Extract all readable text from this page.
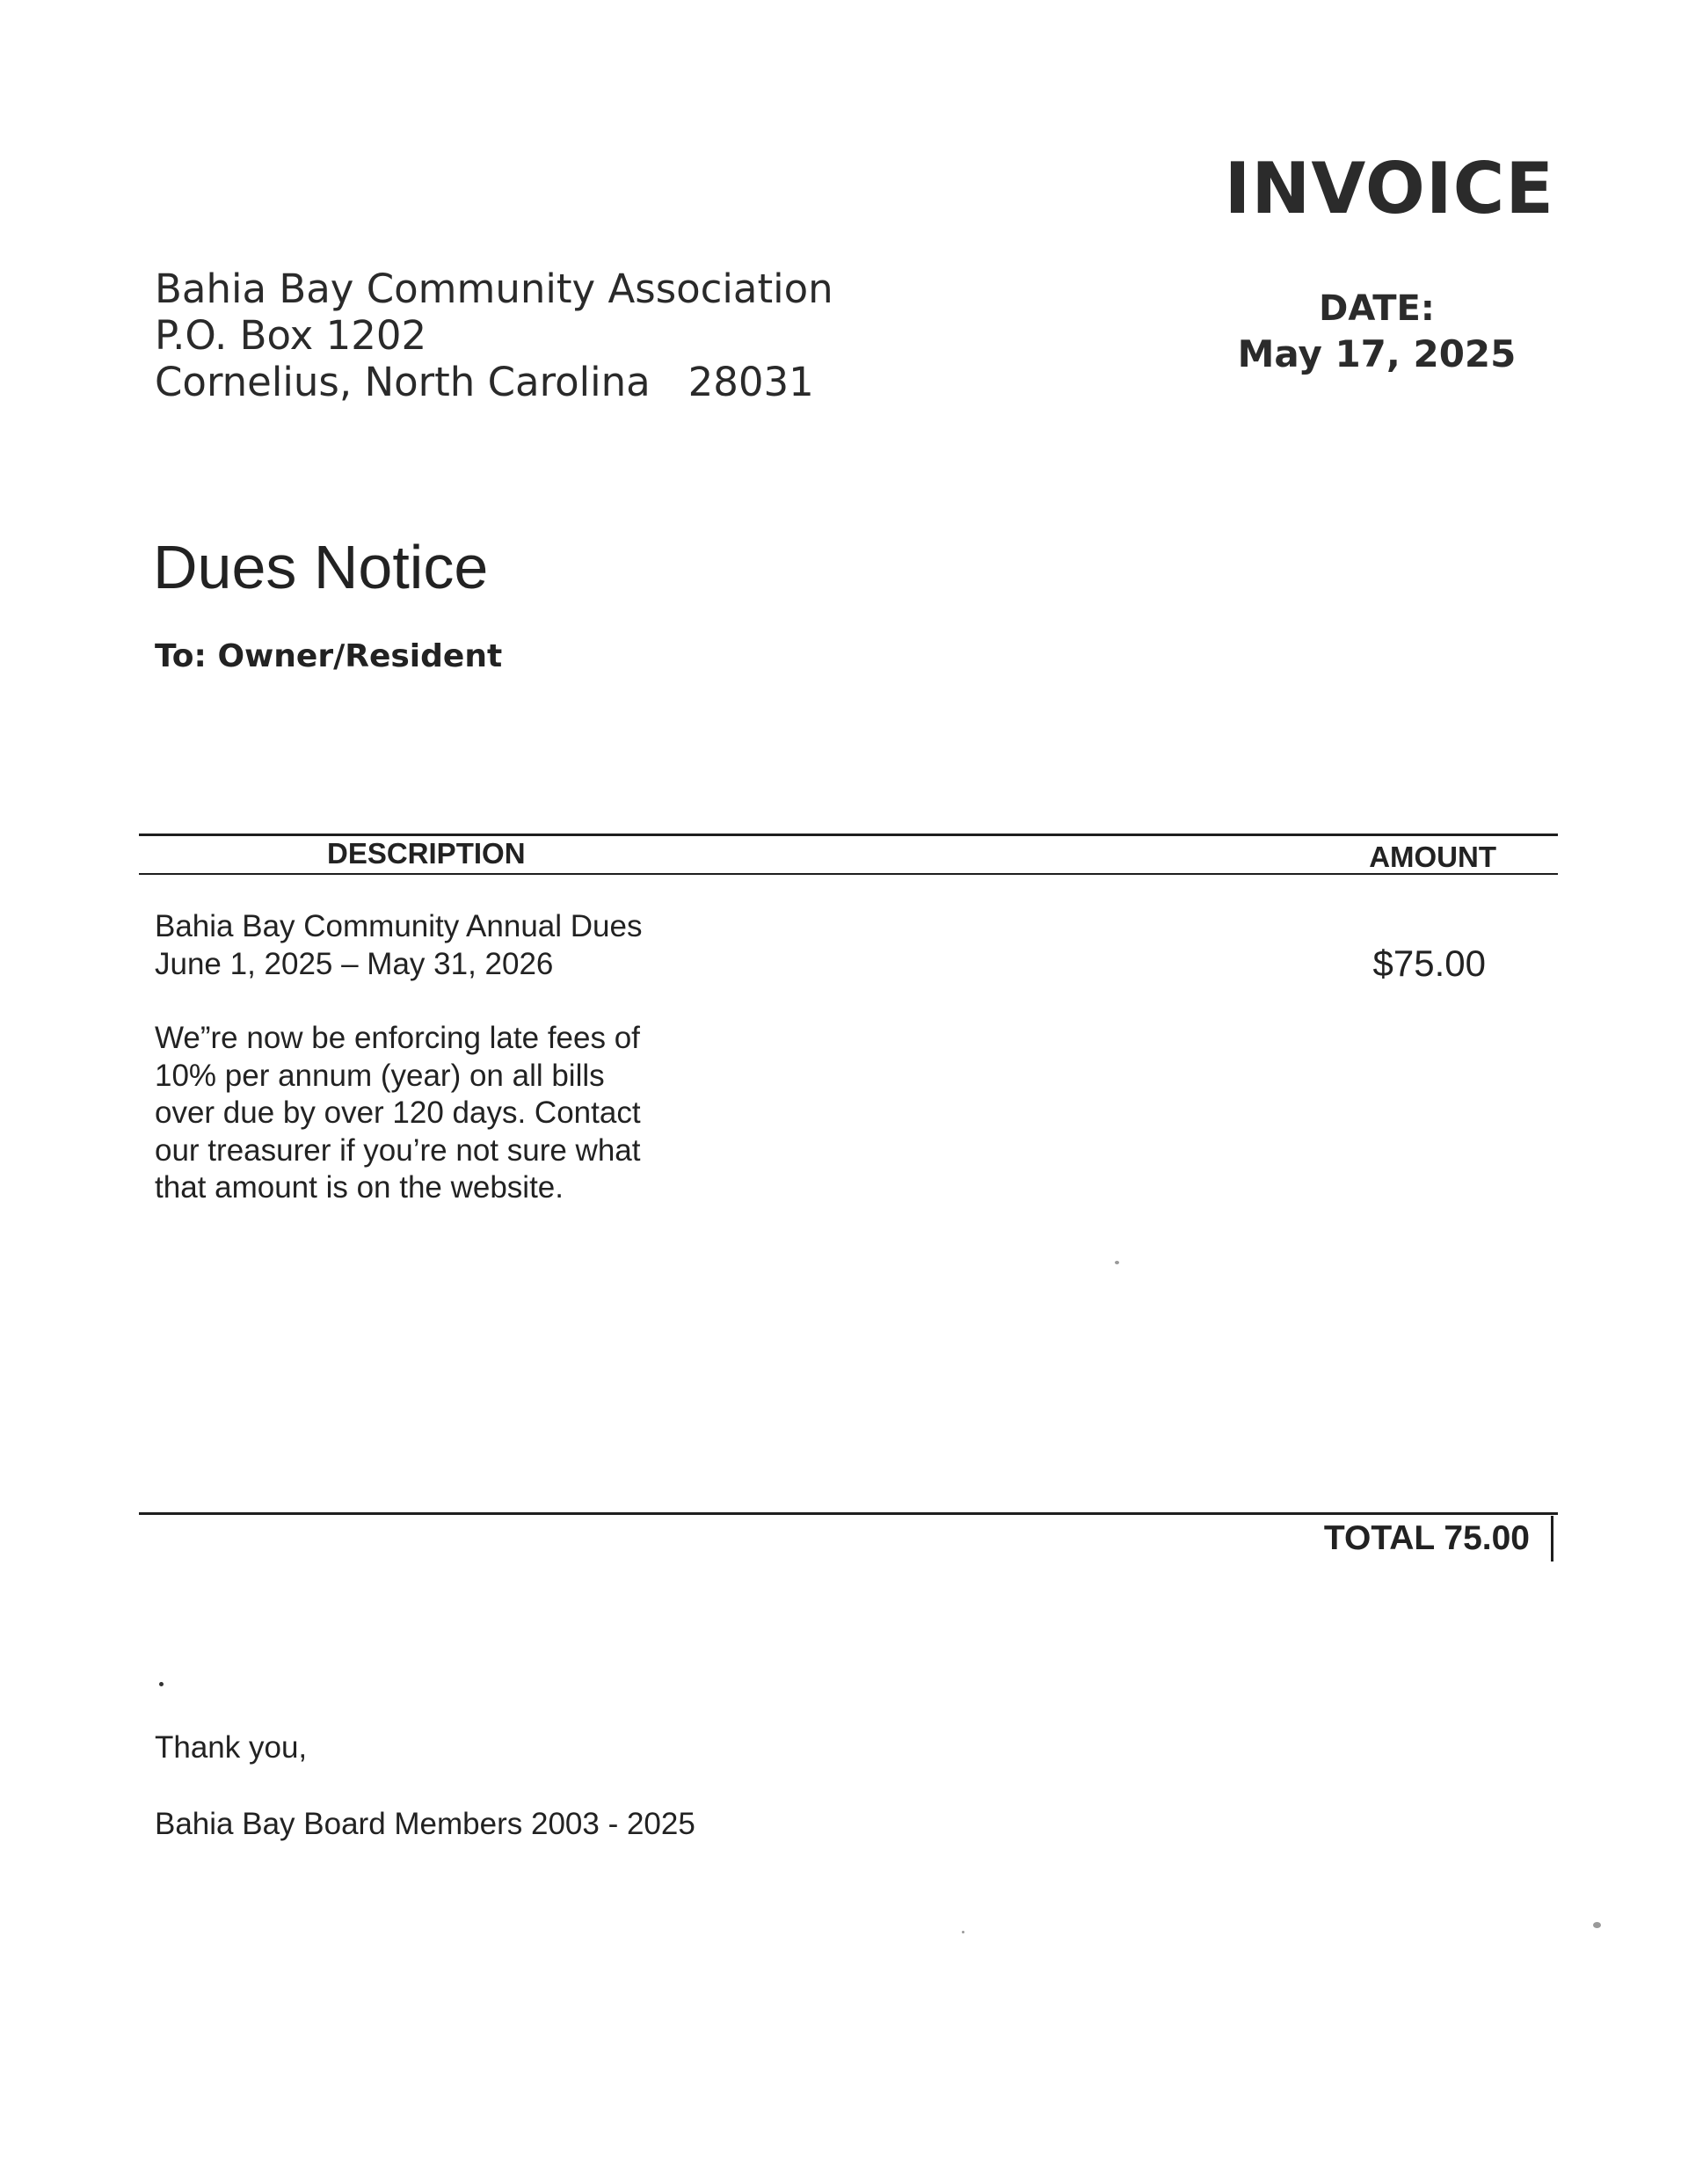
INVOICE
Bahia Bay Community Association
P.O. Box 1202
Cornelius, North Carolina   28031
DATE:
May 17, 2025
Dues Notice
To: Owner/Resident
DESCRIPTION	AMOUNT
Bahia Bay Community Annual Dues
June 1, 2025 – May 31, 2026	$75.00
We”re now be enforcing late fees of
10% per annum (year) on all bills
over due by over 120 days. Contact
our treasurer if you’re not sure what
that amount is on the website.
TOTAL 75.00
Thank you,
Bahia Bay Board Members 2003 - 2025
